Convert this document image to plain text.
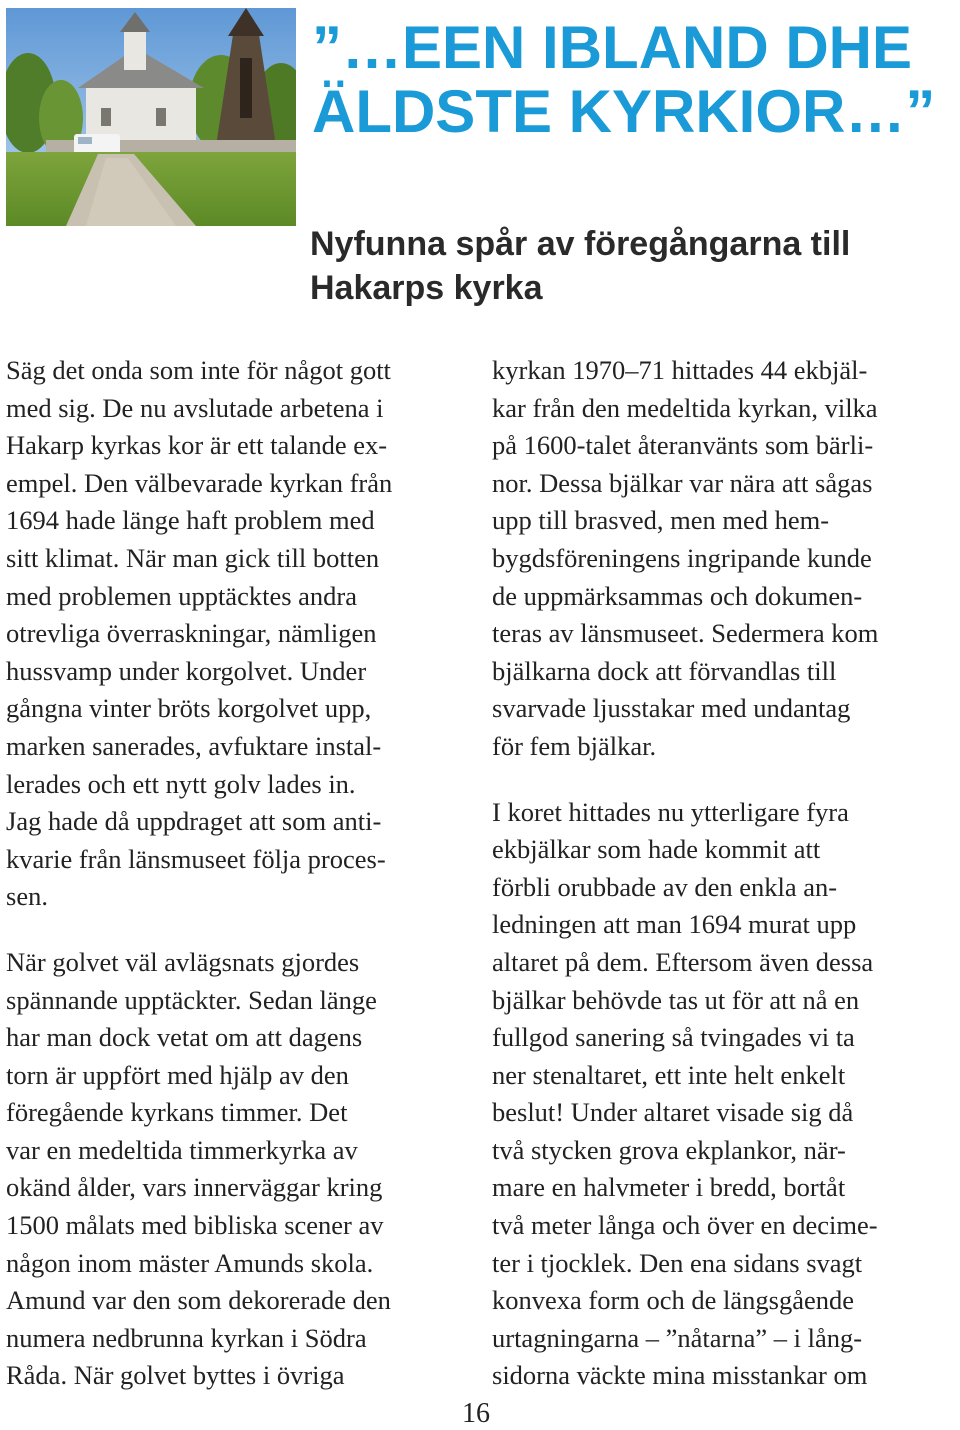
”…EEN IBLAND DHE
ÄLDSTE KYRKIOR…”
Nyfunna spår av föregångarna till
Hakarps kyrka

Säg det onda som inte för något gott
med sig. De nu avslutade arbetena i
Hakarp kyrkas kor är ett talande ex-
empel. Den välbevarade kyrkan från
1694 hade länge haft problem med
sitt klimat. När man gick till botten
med problemen upptäcktes andra
otrevliga överraskningar, nämligen
hussvamp under korgolvet. Under
gångna vinter bröts korgolvet upp,
marken sanerades, avfuktare instal-
lerades och ett nytt golv lades in.
Jag hade då uppdraget att som anti-
kvarie från länsmuseet följa proces-
sen.

När golvet väl avlägsnats gjordes
spännande upptäckter. Sedan länge
har man dock vetat om att dagens
torn är uppfört med hjälp av den
föregående kyrkans timmer. Det
var en medeltida timmerkyrka av
okänd ålder, vars innerväggar kring
1500 målats med bibliska scener av
någon inom mäster Amunds skola.
Amund var den som dekorerade den
numera nedbrunna kyrkan i Södra
Råda. När golvet byttes i övriga

kyrkan 1970–71 hittades 44 ekbjäl-
kar från den medeltida kyrkan, vilka
på 1600-talet återanvänts som bärli-
nor. Dessa bjälkar var nära att sågas
upp till brasved, men med hem-
bygdsföreningens ingripande kunde
de uppmärksammas och dokumen-
teras av länsmuseet. Sedermera kom
bjälkarna dock att förvandlas till
svarvade ljusstakar med undantag
för fem bjälkar.

I koret hittades nu ytterligare fyra
ekbjälkar som hade kommit att
förbli orubbade av den enkla an-
ledningen att man 1694 murat upp
altaret på dem. Eftersom även dessa
bjälkar behövde tas ut för att nå en
fullgod sanering så tvingades vi ta
ner stenaltaret, ett inte helt enkelt
beslut! Under altaret visade sig då
två stycken grova ekplankor, när-
mare en halvmeter i bredd, bortåt
två meter långa och över en decime-
ter i tjocklek. Den ena sidans svagt
konvexa form och de längsgående
urtagningarna – ”nåtarna” – i lång-
sidorna väckte mina misstankar om

16
